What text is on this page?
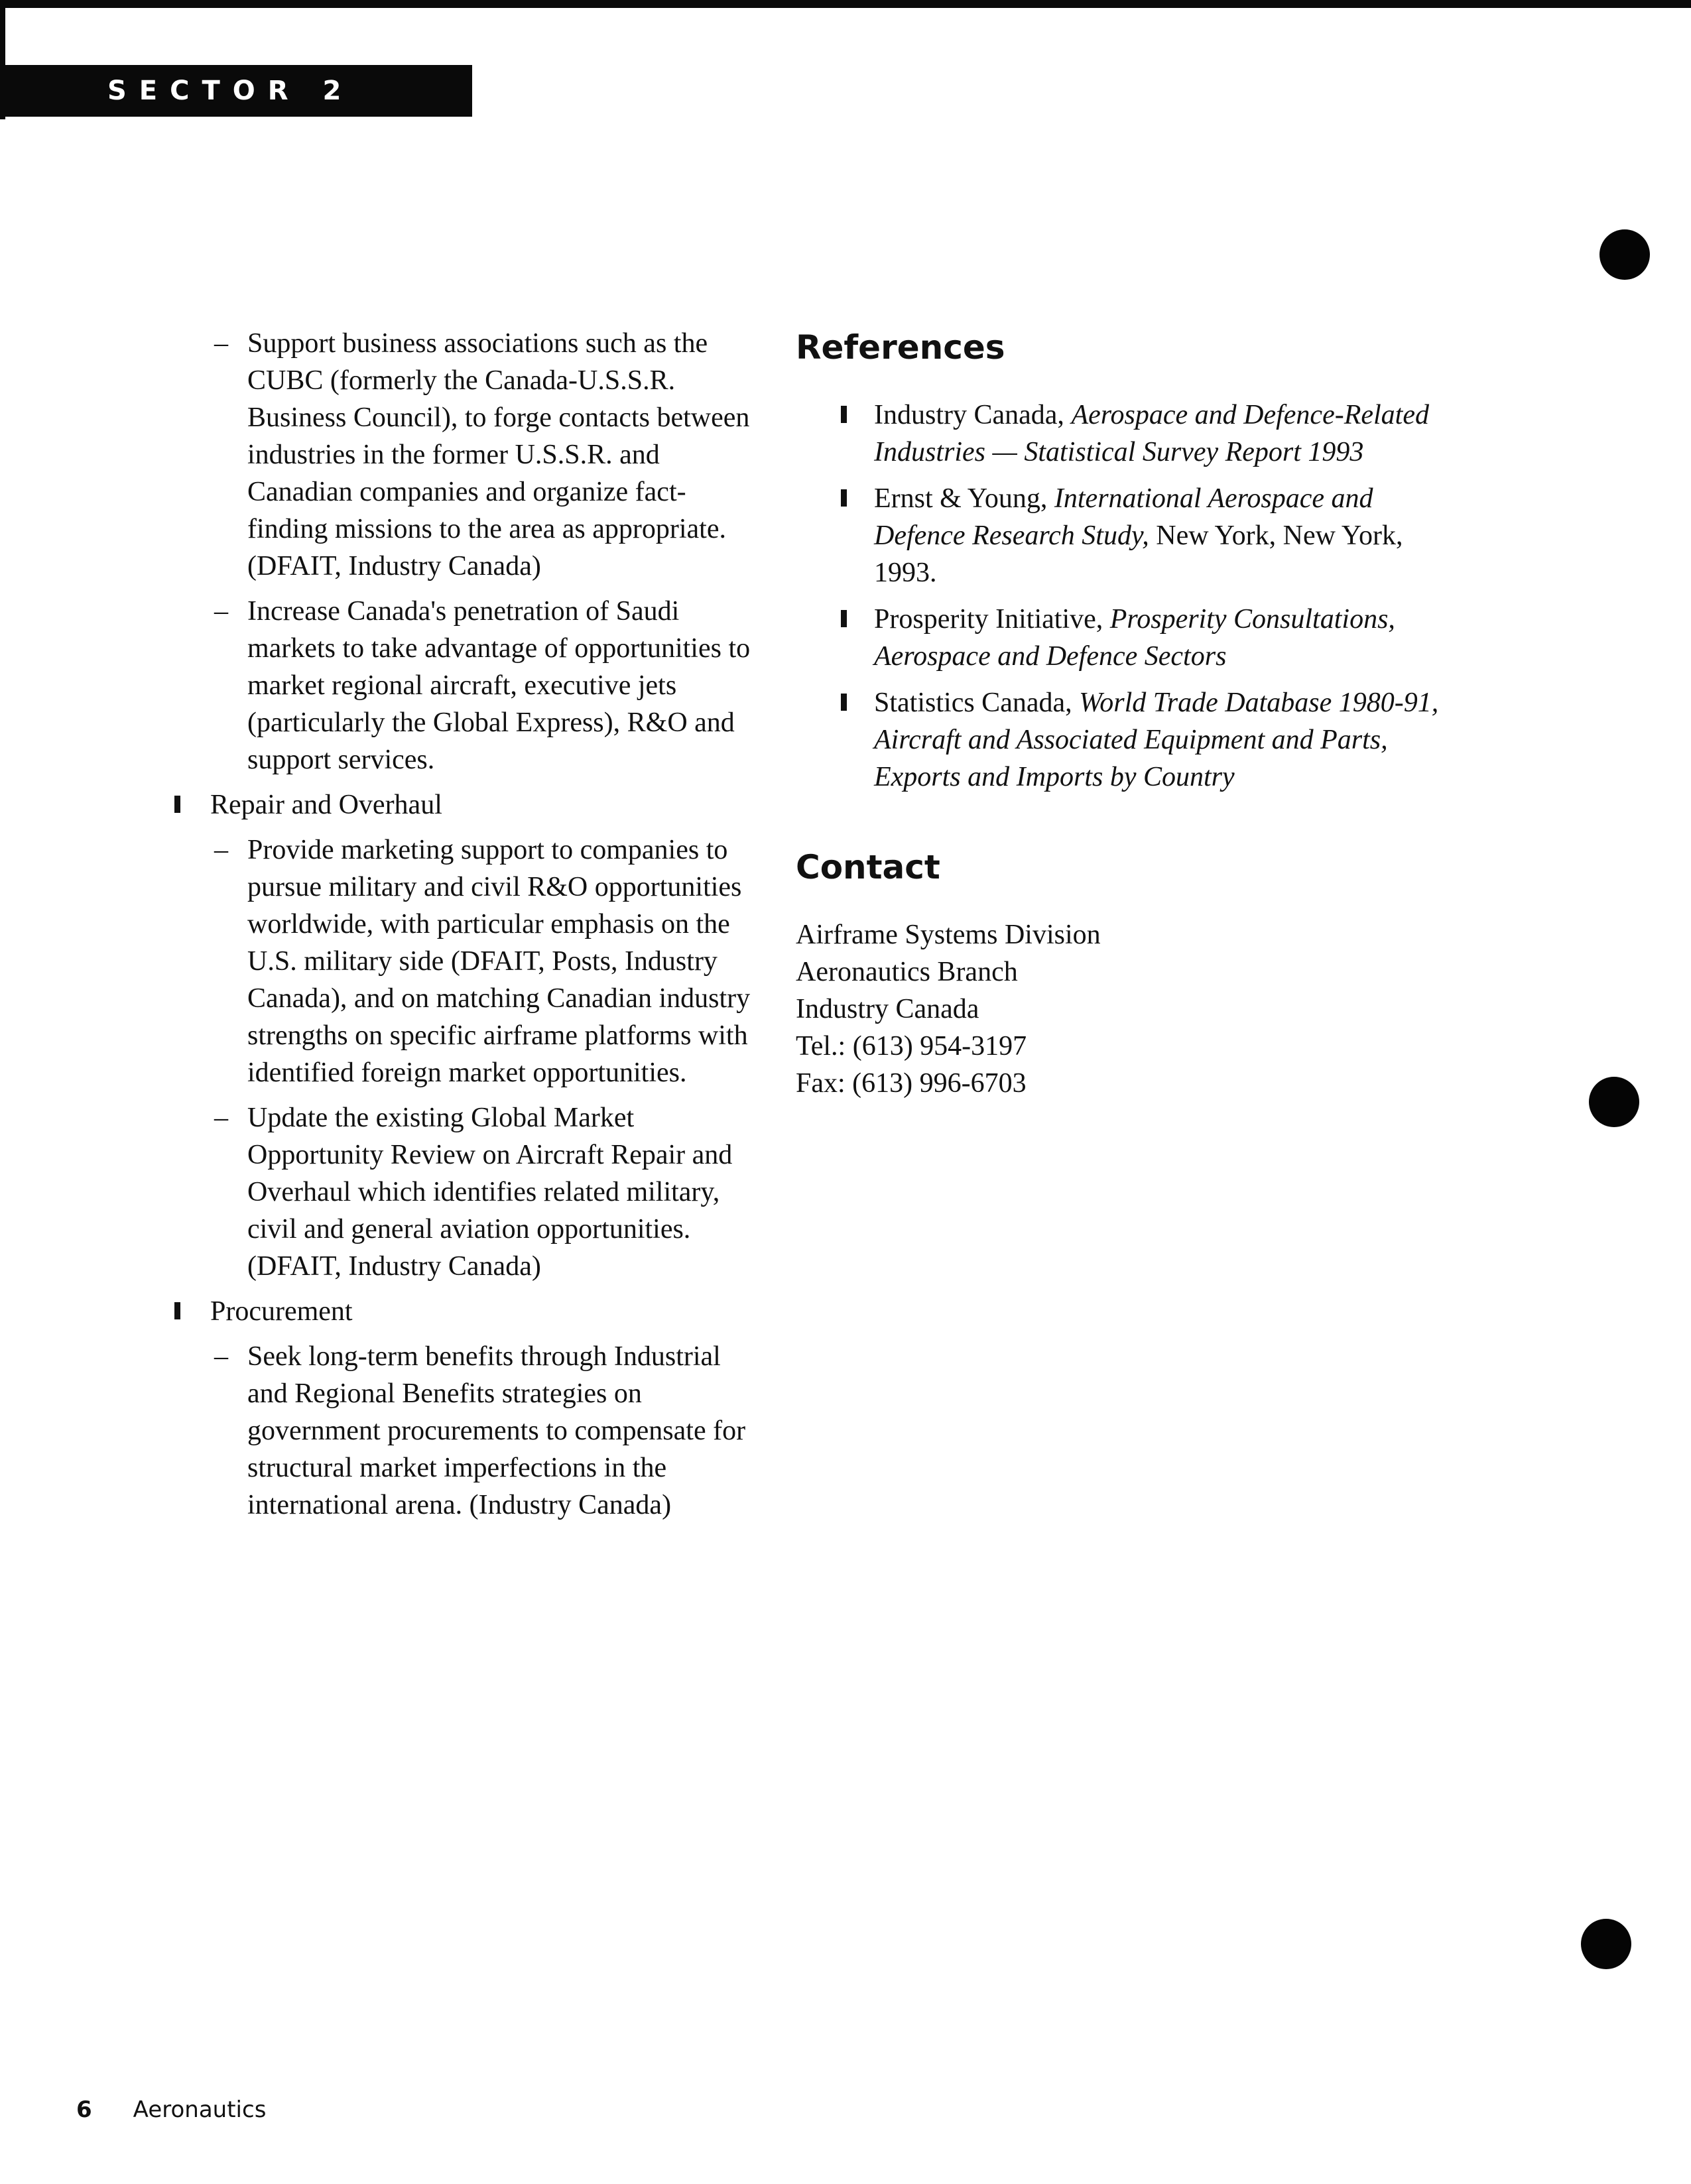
SECTOR 2
– Support business associations such as the CUBC (formerly the Canada-U.S.S.R. Business Council), to forge contacts between industries in the former U.S.S.R. and Canadian companies and organize fact-finding missions to the area as appropriate. (DFAIT, Industry Canada)
– Increase Canada's penetration of Saudi markets to take advantage of opportunities to market regional aircraft, executive jets (particularly the Global Express), R&O and support services.
Repair and Overhaul
– Provide marketing support to companies to pursue military and civil R&O opportunities worldwide, with particular emphasis on the U.S. military side (DFAIT, Posts, Industry Canada), and on matching Canadian industry strengths on specific airframe platforms with identified foreign market opportunities.
– Update the existing Global Market Opportunity Review on Aircraft Repair and Overhaul which identifies related military, civil and general aviation opportunities. (DFAIT, Industry Canada)
Procurement
– Seek long-term benefits through Industrial and Regional Benefits strategies on government procurements to compensate for structural market imperfections in the international arena. (Industry Canada)
References
Industry Canada, Aerospace and Defence-Related Industries — Statistical Survey Report 1993
Ernst & Young, International Aerospace and Defence Research Study, New York, New York, 1993.
Prosperity Initiative, Prosperity Consultations, Aerospace and Defence Sectors
Statistics Canada, World Trade Database 1980-91, Aircraft and Associated Equipment and Parts, Exports and Imports by Country
Contact
Airframe Systems Division
Aeronautics Branch
Industry Canada
Tel.: (613) 954-3197
Fax: (613) 996-6703
6 Aeronautics
